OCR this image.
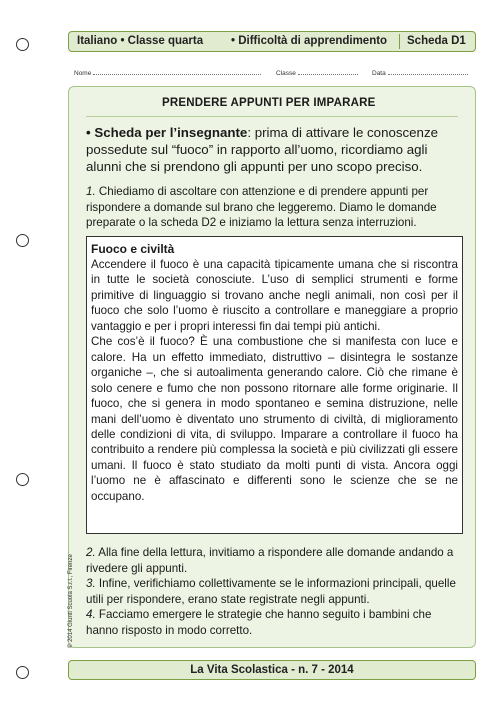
Italiano • Classe quarta • Difficoltà di apprendimento Scheda D1
Nome	Classe	Data
PRENDERE APPUNTI PER IMPARARE
• Scheda per l’insegnante: prima di attivare le conoscenze possedute sul “fuoco” in rapporto all’uomo, ricordiamo agli alunni che si prendono gli appunti per uno scopo preciso.
1. Chiediamo di ascoltare con attenzione e di prendere appunti per rispondere a domande sul brano che leggeremo. Diamo le domande preparate o la scheda D2 e iniziamo la lettura senza interruzioni.
Fuoco e civiltà
Accendere il fuoco è una capacità tipicamente umana che si riscontra in tutte le società conosciute. L’uso di semplici strumenti e forme primitive di linguaggio si trovano anche negli animali, non così per il fuoco che solo l’uomo è riuscito a controllare e maneggiare a proprio vantaggio e per i propri interessi fin dai tempi più antichi.
Che cos’è il fuoco? È una combustione che si manifesta con luce e calore. Ha un effetto immediato, distruttivo – disintegra le sostanze organiche –, che si autoalimenta generando calore. Ciò che rimane è solo cenere e fumo che non possono ritornare alle forme originarie. Il fuoco, che si genera in modo spontaneo e semina distruzione, nelle mani dell’uomo è diventato uno strumento di civiltà, di miglioramento delle condizioni di vita, di sviluppo. Imparare a controllare il fuoco ha contribuito a rendere più complessa la società e più civilizzati gli essere umani. Il fuoco è stato studiato da molti punti di vista. Ancora oggi l’uomo ne è affascinato e differenti sono le scienze che se ne occupano.
2. Alla fine della lettura, invitiamo a rispondere alle domande andando a rivedere gli appunti.
3. Infine, verifichiamo collettivamente se le informazioni principali, quelle utili per rispondere, erano state registrate negli appunti.
4. Facciamo emergere le strategie che hanno seguito i bambini che hanno risposto in modo corretto.
© 2014 Giunti Scuola S.r.l., Firenze
La Vita Scolastica - n. 7 - 2014
